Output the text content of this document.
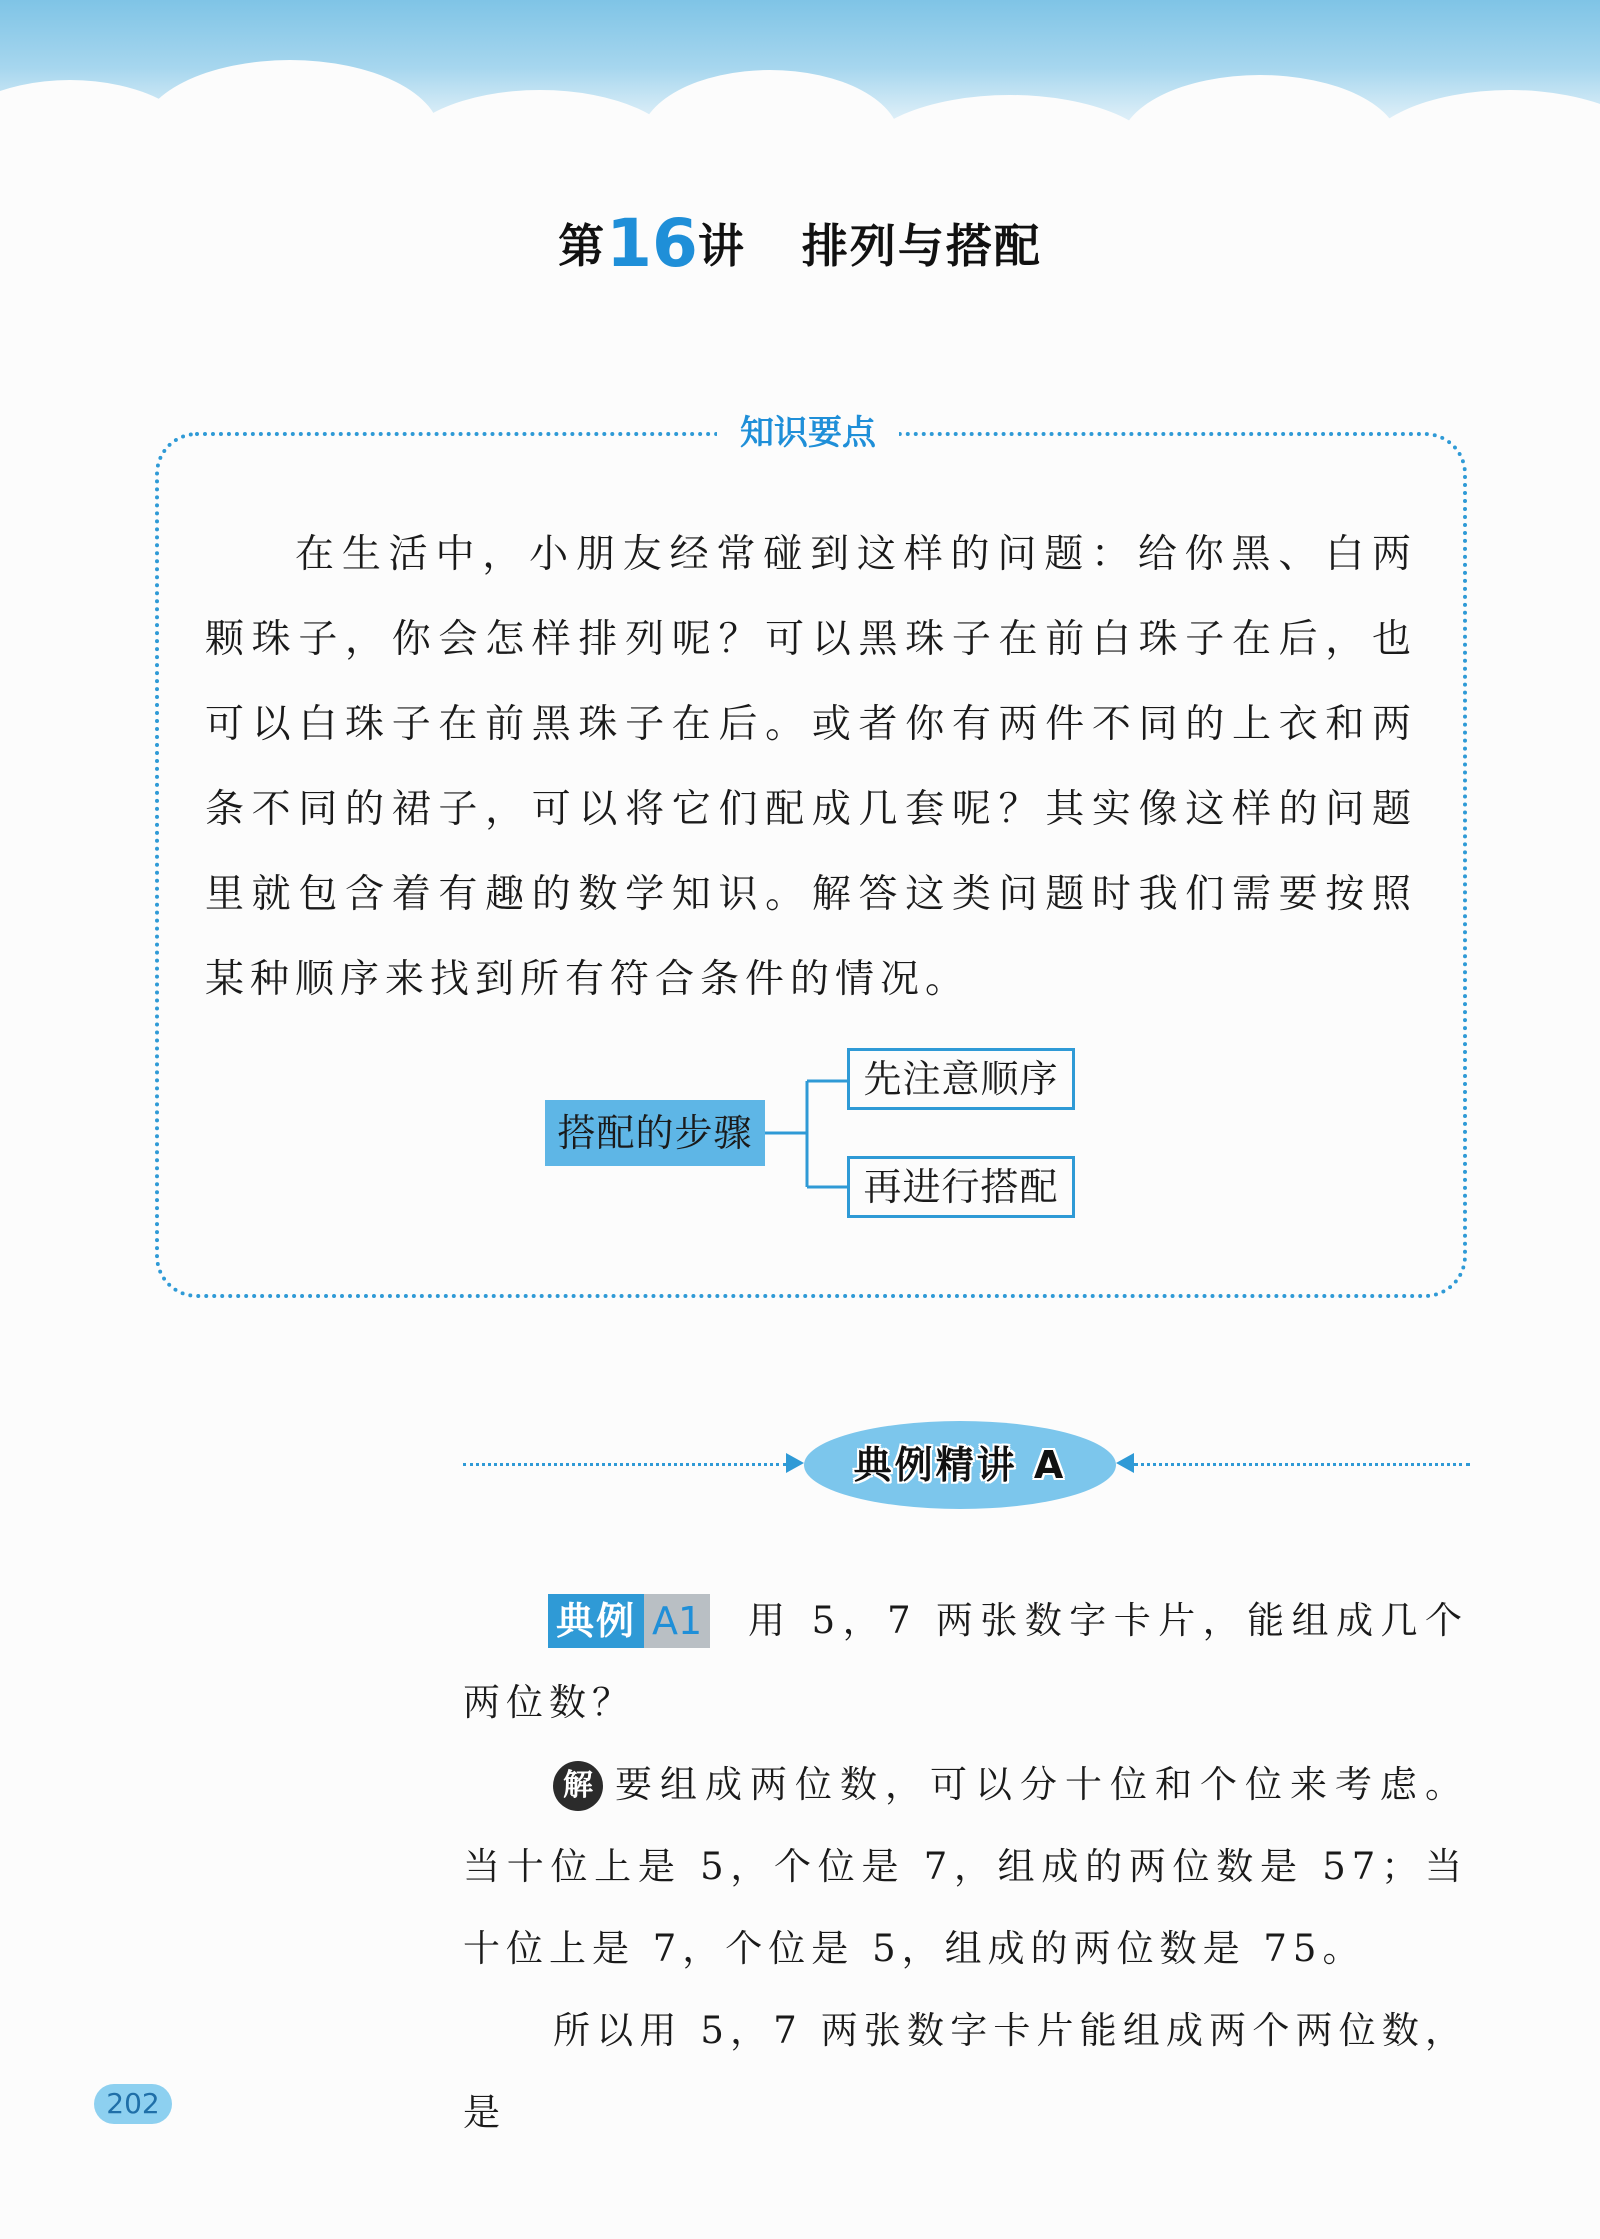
第16讲 排列与搭配
知识要点

在生活中，小朋友经常碰到这样的问题：给你黑、白两颗珠子，你会怎样排列呢？可以黑珠子在前白珠子在后，也可以白珠子在前黑珠子在后。或者你有两件不同的上衣和两条不同的裙子，可以将它们配成几套呢？其实像这样的问题里就包含着有趣的数学知识。解答这类问题时我们需要按照某种顺序来找到所有符合条件的情况。

搭配的步骤
先注意顺序
再进行搭配
典例精讲 A
典例 A1	用 5，7 两张数字卡片，能组成几个两位数？

解 要组成两位数，可以分十位和个位来考虑。当十位上是 5，个位是 7，组成的两位数是 57；当十位上是 7，个位是 5，组成的两位数是 75。

所以用 5，7 两张数字卡片能组成两个两位数，是

202
